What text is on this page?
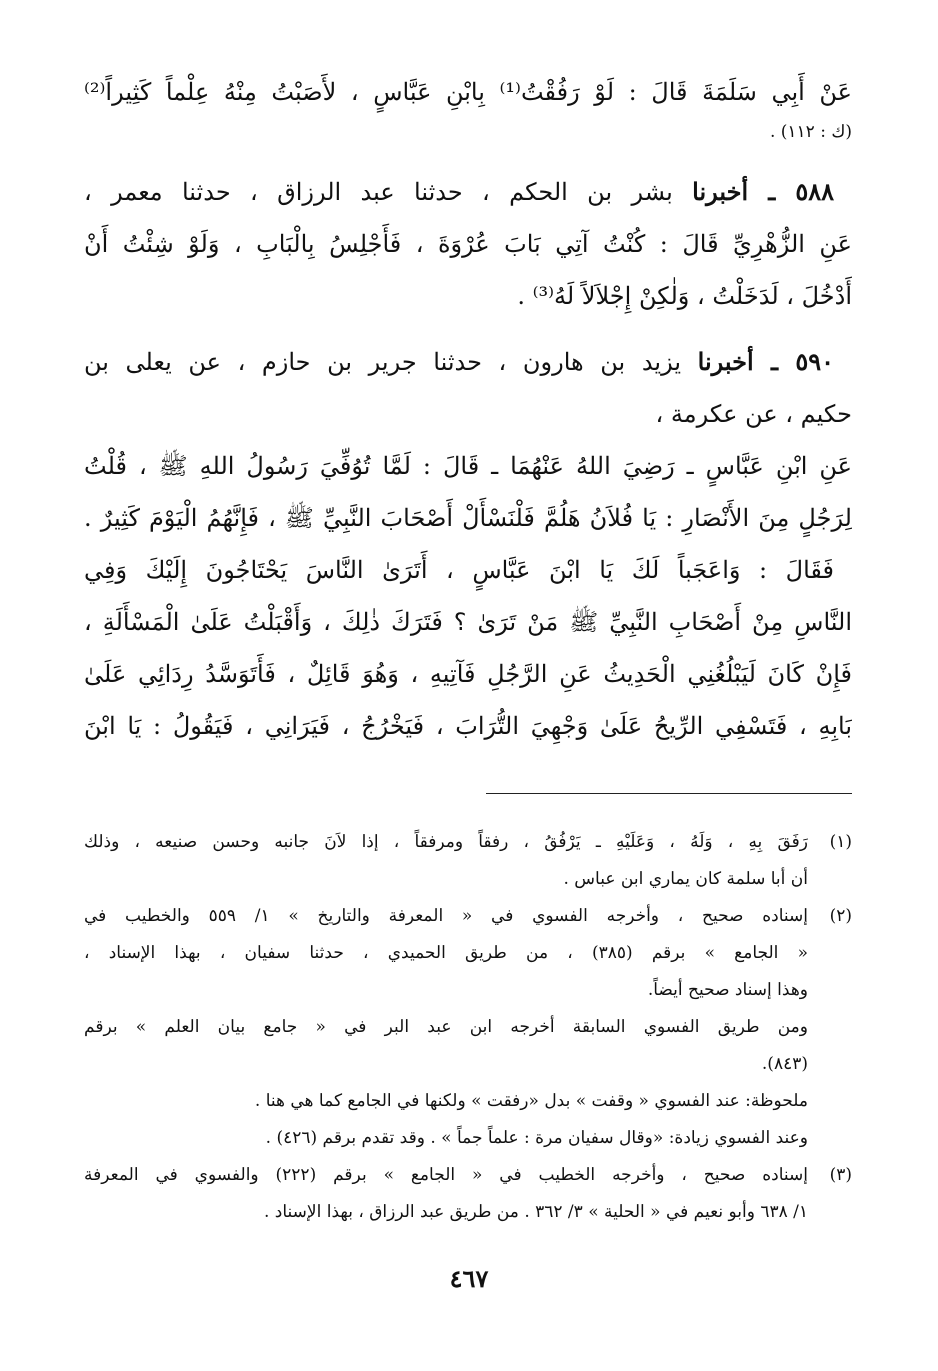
عَنْ أَبِي سَلَمَةَ قَالَ : لَوْ رَفُقْتُ⁽¹⁾ بِابْنِ عَبَّاسٍ ، لأَصَبْتُ مِنْهُ عِلْماً كَثِيراً⁽²⁾
(ك : ١١٢) .
٥٨٨ ـ أخبرنا بشر بن الحكم ، حدثنا عبد الرزاق ، حدثنا معمر ،
عَنِ الزُّهْرِيِّ قَالَ : كُنْتُ آتِي بَابَ عُرْوَةَ ، فَأَجْلِسُ بِالْبَابِ ، وَلَوْ شِئْتُ أَنْ
أَدْخُلَ ، لَدَخَلْتُ ، وَلٰكِنْ إِجْلاَلاً لَهُ⁽³⁾ .
٥٩٠ ـ أخبرنا يزيد بن هارون ، حدثنا جرير بن حازم ، عن يعلى بن
حكيم ، عن عكرمة ،
عَنِ ابْنِ عَبَّاسٍ ـ رَضِيَ اللهُ عَنْهُمَا ـ قَالَ : لَمَّا تُوُفِّيَ رَسُولُ اللهِ ﷺ ، قُلْتُ
لِرَجُلٍ مِنَ الأَنْصَارِ : يَا فُلاَنُ هَلُمَّ فَلْنَسْأَلْ أَصْحَابَ النَّبِيِّ ﷺ ، فَإِنَّهُمُ الْيَوْمَ كَثِيرٌ .
فَقَالَ : وَاعَجَباً لَكَ يَا ابْنَ عَبَّاسٍ ، أَتَرَىٰ النَّاسَ يَحْتَاجُونَ إِلَيْكَ وَفِي
النَّاسِ مِنْ أَصْحَابِ النَّبِيِّ ﷺ مَنْ تَرَىٰ ؟ فَتَرَكَ ذٰلِكَ ، وَأَقْبَلْتُ عَلَىٰ الْمَسْأَلَةِ ،
فَإِنْ كَانَ لَيَبْلُغُنِي الْحَدِيثُ عَنِ الرَّجُلِ فَآتِيهِ ، وَهُوَ قَائِلٌ ، فَأَتَوَسَّدُ رِدَائِي عَلَىٰ
بَابِهِ ، فَتَسْفِي الرِّيحُ عَلَىٰ وَجْهِيَ التُّرَابَ ، فَيَخْرُجُ ، فَيَرَانِي ، فَيَقُولُ : يَا ابْنَ
(١)
رَفَقَ بِهِ ، وَلَهُ ، وَعَلَيْهِ ـ يَرْفُقُ ، رفقاً ومرفقاً ، إذا لاَنَ جانبه وحسن صنيعه ، وذلك
أن أبا سلمة كان يماري ابن عباس .
(٢)
إسناده صحيح ، وأخرجه الفسوي في « المعرفة والتاريخ » ١/ ٥٥٩ والخطيب في
« الجامع » برقم (٣٨٥) ، من طريق الحميدي ، حدثنا سفيان ، بهذا الإسناد ،
وهذا إسناد صحيح أيضاً.
ومن طريق الفسوي السابقة أخرجه ابن عبد البر في « جامع بيان العلم » برقم
(٨٤٣).
ملحوظة: عند الفسوي « وقفت » بدل «رفقت » ولكنها في الجامع كما هي هنا .
وعند الفسوي زيادة: «وقال سفيان مرة : علماً جماً » . وقد تقدم برقم (٤٢٦) .
(٣)
إسناده صحيح ، وأخرجه الخطيب في « الجامع » برقم (٢٢٢) والفسوي في المعرفة
١/ ٦٣٨ وأبو نعيم في « الحلية » ٣/ ٣٦٢ . من طريق عبد الرزاق ، بهذا الإسناد .
٤٦٧
